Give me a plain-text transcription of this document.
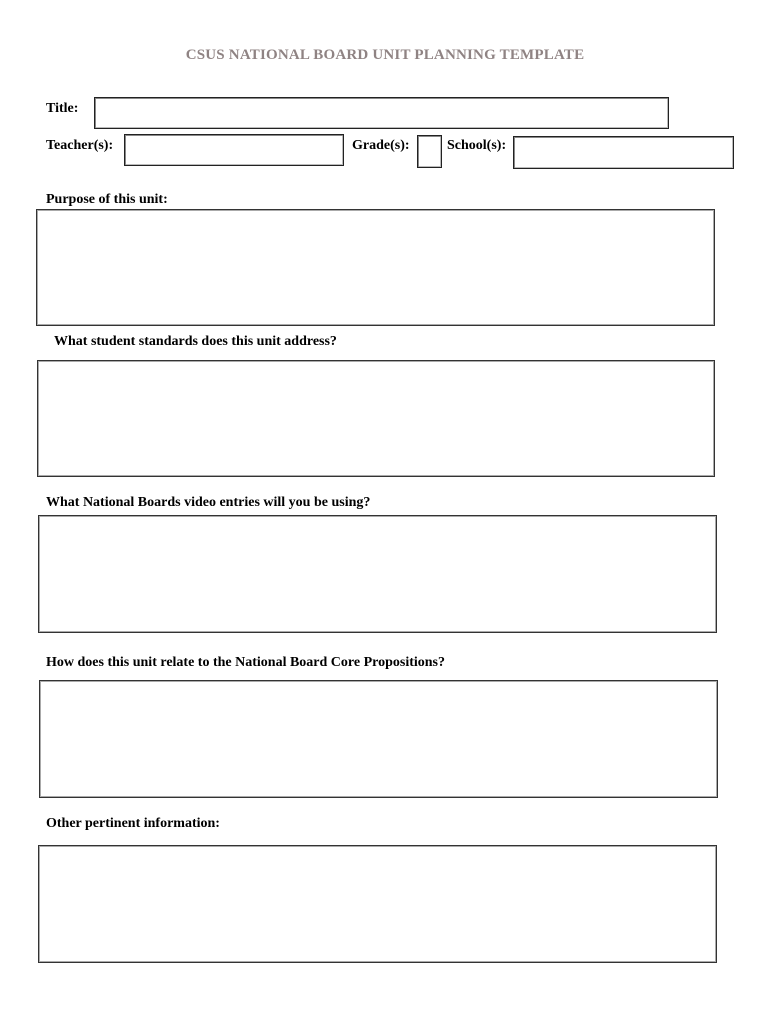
CSUS NATIONAL BOARD UNIT PLANNING TEMPLATE
Title:
Teacher(s):	Grade(s):	School(s):
Purpose of this unit:
What student standards does this unit address?
What National Boards video entries will you be using?
How does this unit relate to the National Board Core Propositions?
Other pertinent information:
